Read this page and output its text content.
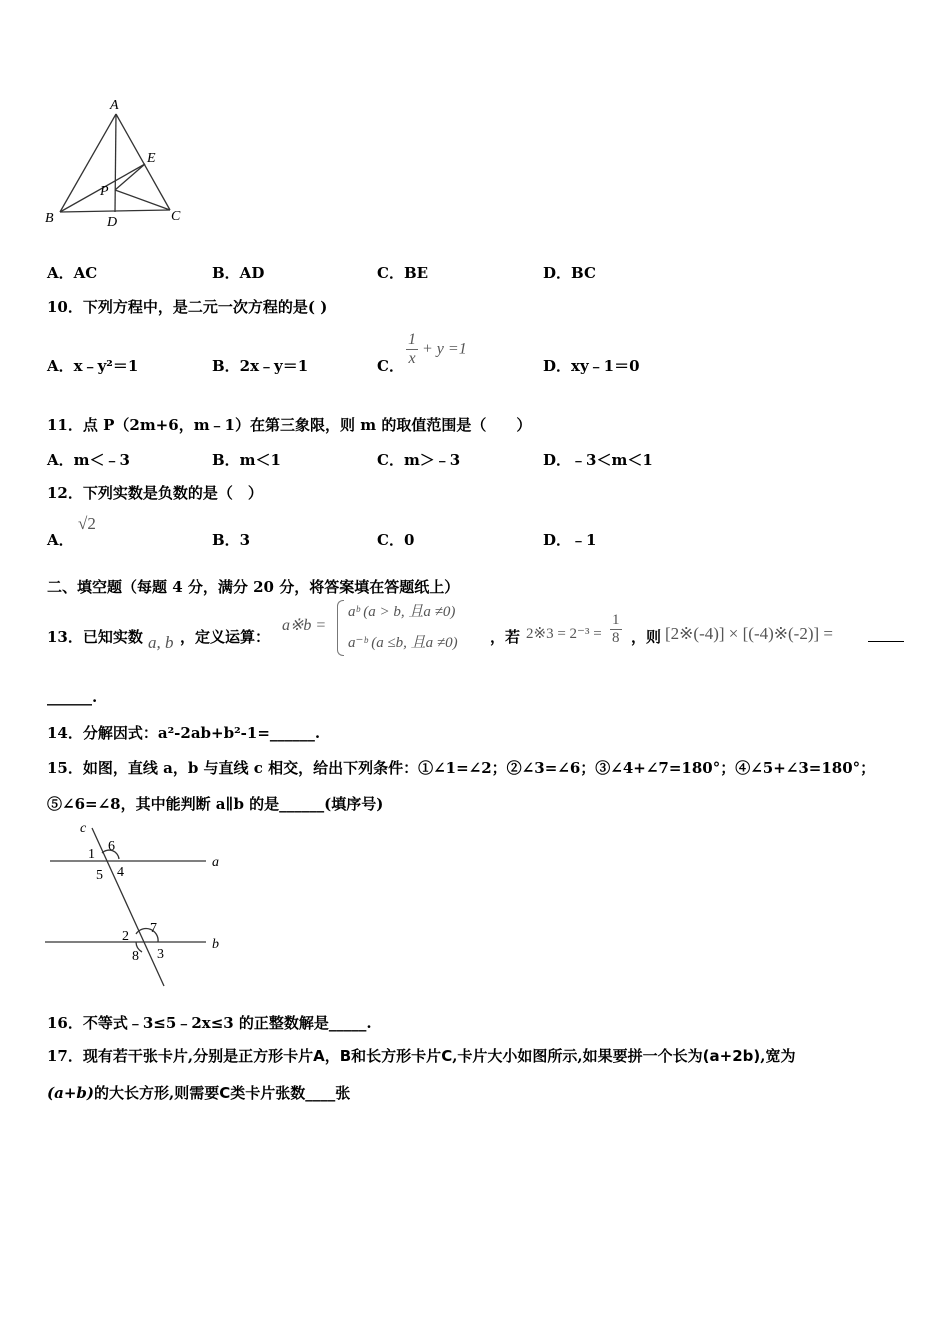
A
E
P
B	D	C
A．AC	B．AD	C．BE	D．BC
10．下列方程中，是二元一次方程的是( )
A．x﹣y²＝1	B．2x﹣y＝1	C． $\frac{1}{x} + y =1$
D．xy﹣1＝0
11．点 P（2m+6，m﹣1）在第三象限，则 m 的取值范围是（　　）
A．m＜﹣3	B．m＜1	C．m＞﹣3	D．﹣3＜m＜1
12．下列实数是负数的是（　）
A．
√2
B．3	C．0	D．﹣1
二、填空题（每题 4 分，满分 20 分，将答案填在答题纸上）
13．已知实数 a, b ，定义运算：
a※b =
aᵇ (a > b, 且a ≠0)
a⁻ᵇ (a ≤b, 且a ≠0) ，若 2※3 = $2^{-3} = \frac{1}{8}$ ，则 [2※(-4)] × [(-4)※(-2)] =
______.
14．分解因式：a²-2ab+b²-1=______.
15．如图，直线 a，b 与直线 c 相交，给出下列条件：①∠1=∠2；②∠3=∠6；③∠4+∠7=180°；④∠5+∠3=180°；
⑤∠6=∠8，其中能判断 a∥b 的是______(填序号)
c
1
6
5 4
a
2
7
8 3
b
16．不等式﹣3≤5﹣2x≤3 的正整数解是_____.
17．现有若干张卡片,分别是正方形卡片A，B和长方形卡片C,卡片大小如图所示,如果要拼一个长为(a+2b),宽为
(a+b)的大长方形,则需要C类卡片张数____张
